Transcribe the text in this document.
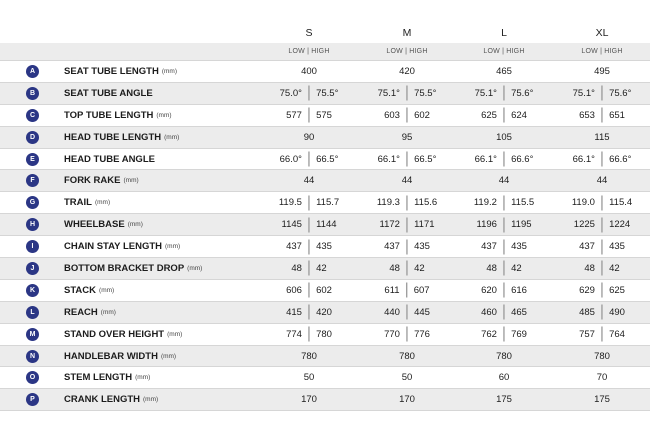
S	M	L	XL
LOW | HIGH	LOW | HIGH	LOW | HIGH	LOW | HIGH
A	SEAT TUBE LENGTH (mm)	400	420	465	495
B	SEAT TUBE ANGLE	75.0° | 75.5°	75.1° | 75.5°	75.1° | 75.6°	75.1° | 75.6°
C	TOP TUBE LENGTH (mm)	577 | 575	603 | 602	625 | 624	653 | 651
D	HEAD TUBE LENGTH (mm)	90	95	105	115
E	HEAD TUBE ANGLE	66.0° | 66.5°	66.1° | 66.5°	66.1° | 66.6°	66.1° | 66.6°
F	FORK RAKE (mm)	44	44	44	44
G	TRAIL (mm)	119.5 | 115.7	119.3 | 115.6	119.2 | 115.5	119.0 | 115.4
H	WHEELBASE (mm)	1145 | 1144	1172 | 1171	1196 | 1195	1225 | 1224
I	CHAIN STAY LENGTH (mm)	437 | 435	437 | 435	437 | 435	437 | 435
J	BOTTOM BRACKET DROP (mm)	48 | 42	48 | 42	48 | 42	48 | 42
K	STACK (mm)	606 | 602	611 | 607	620 | 616	629 | 625
L	REACH (mm)	415 | 420	440 | 445	460 | 465	485 | 490
M	STAND OVER HEIGHT (mm)	774 | 780	770 | 776	762 | 769	757 | 764
N	HANDLEBAR WIDTH (mm)	780	780	780	780
O	STEM LENGTH (mm)	50	50	60	70
P	CRANK LENGTH (mm)	170	170	175	175
